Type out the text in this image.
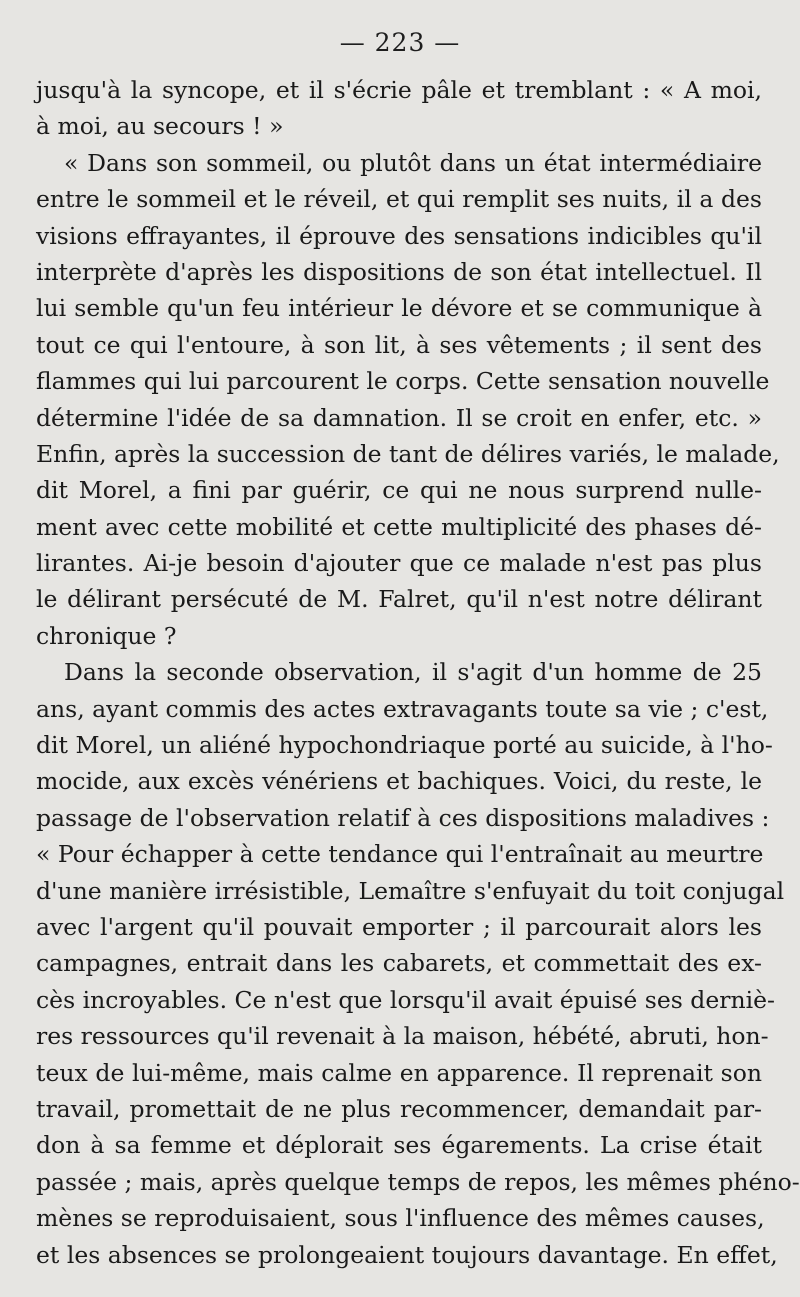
— 223 —
jusqu'à la syncope, et il s'écrie pâle et tremblant : « A moi,
à moi, au secours ! »
« Dans son sommeil, ou plutôt dans un état intermédiaire
entre le sommeil et le réveil, et qui remplit ses nuits, il a des
visions effrayantes, il éprouve des sensations indicibles qu'il
interprète d'après les dispositions de son état intellectuel. Il
lui semble qu'un feu intérieur le dévore et se communique à
tout ce qui l'entoure, à son lit, à ses vêtements ; il sent des
flammes qui lui parcourent le corps. Cette sensation nouvelle
détermine l'idée de sa damnation. Il se croit en enfer, etc. »
Enfin, après la succession de tant de délires variés, le malade,
dit Morel, a fini par guérir, ce qui ne nous surprend nulle-
ment avec cette mobilité et cette multiplicité des phases dé-
lirantes. Ai-je besoin d'ajouter que ce malade n'est pas plus
le délirant persécuté de M. Falret, qu'il n'est notre délirant
chronique ?
Dans la seconde observation, il s'agit d'un homme de 25
ans, ayant commis des actes extravagants toute sa vie ; c'est,
dit Morel, un aliéné hypochondriaque porté au suicide, à l'ho-
mocide, aux excès vénériens et bachiques. Voici, du reste, le
passage de l'observation relatif à ces dispositions maladives :
« Pour échapper à cette tendance qui l'entraînait au meurtre
d'une manière irrésistible, Lemaître s'enfuyait du toit conjugal
avec l'argent qu'il pouvait emporter ; il parcourait alors les
campagnes, entrait dans les cabarets, et commettait des ex-
cès incroyables. Ce n'est que lorsqu'il avait épuisé ses derniè-
res ressources qu'il revenait à la maison, hébété, abruti, hon-
teux de lui-même, mais calme en apparence. Il reprenait son
travail, promettait de ne plus recommencer, demandait par-
don à sa femme et déplorait ses égarements. La crise était
passée ; mais, après quelque temps de repos, les mêmes phéno-
mènes se reproduisaient, sous l'influence des mêmes causes,
et les absences se prolongeaient toujours davantage. En effet,
